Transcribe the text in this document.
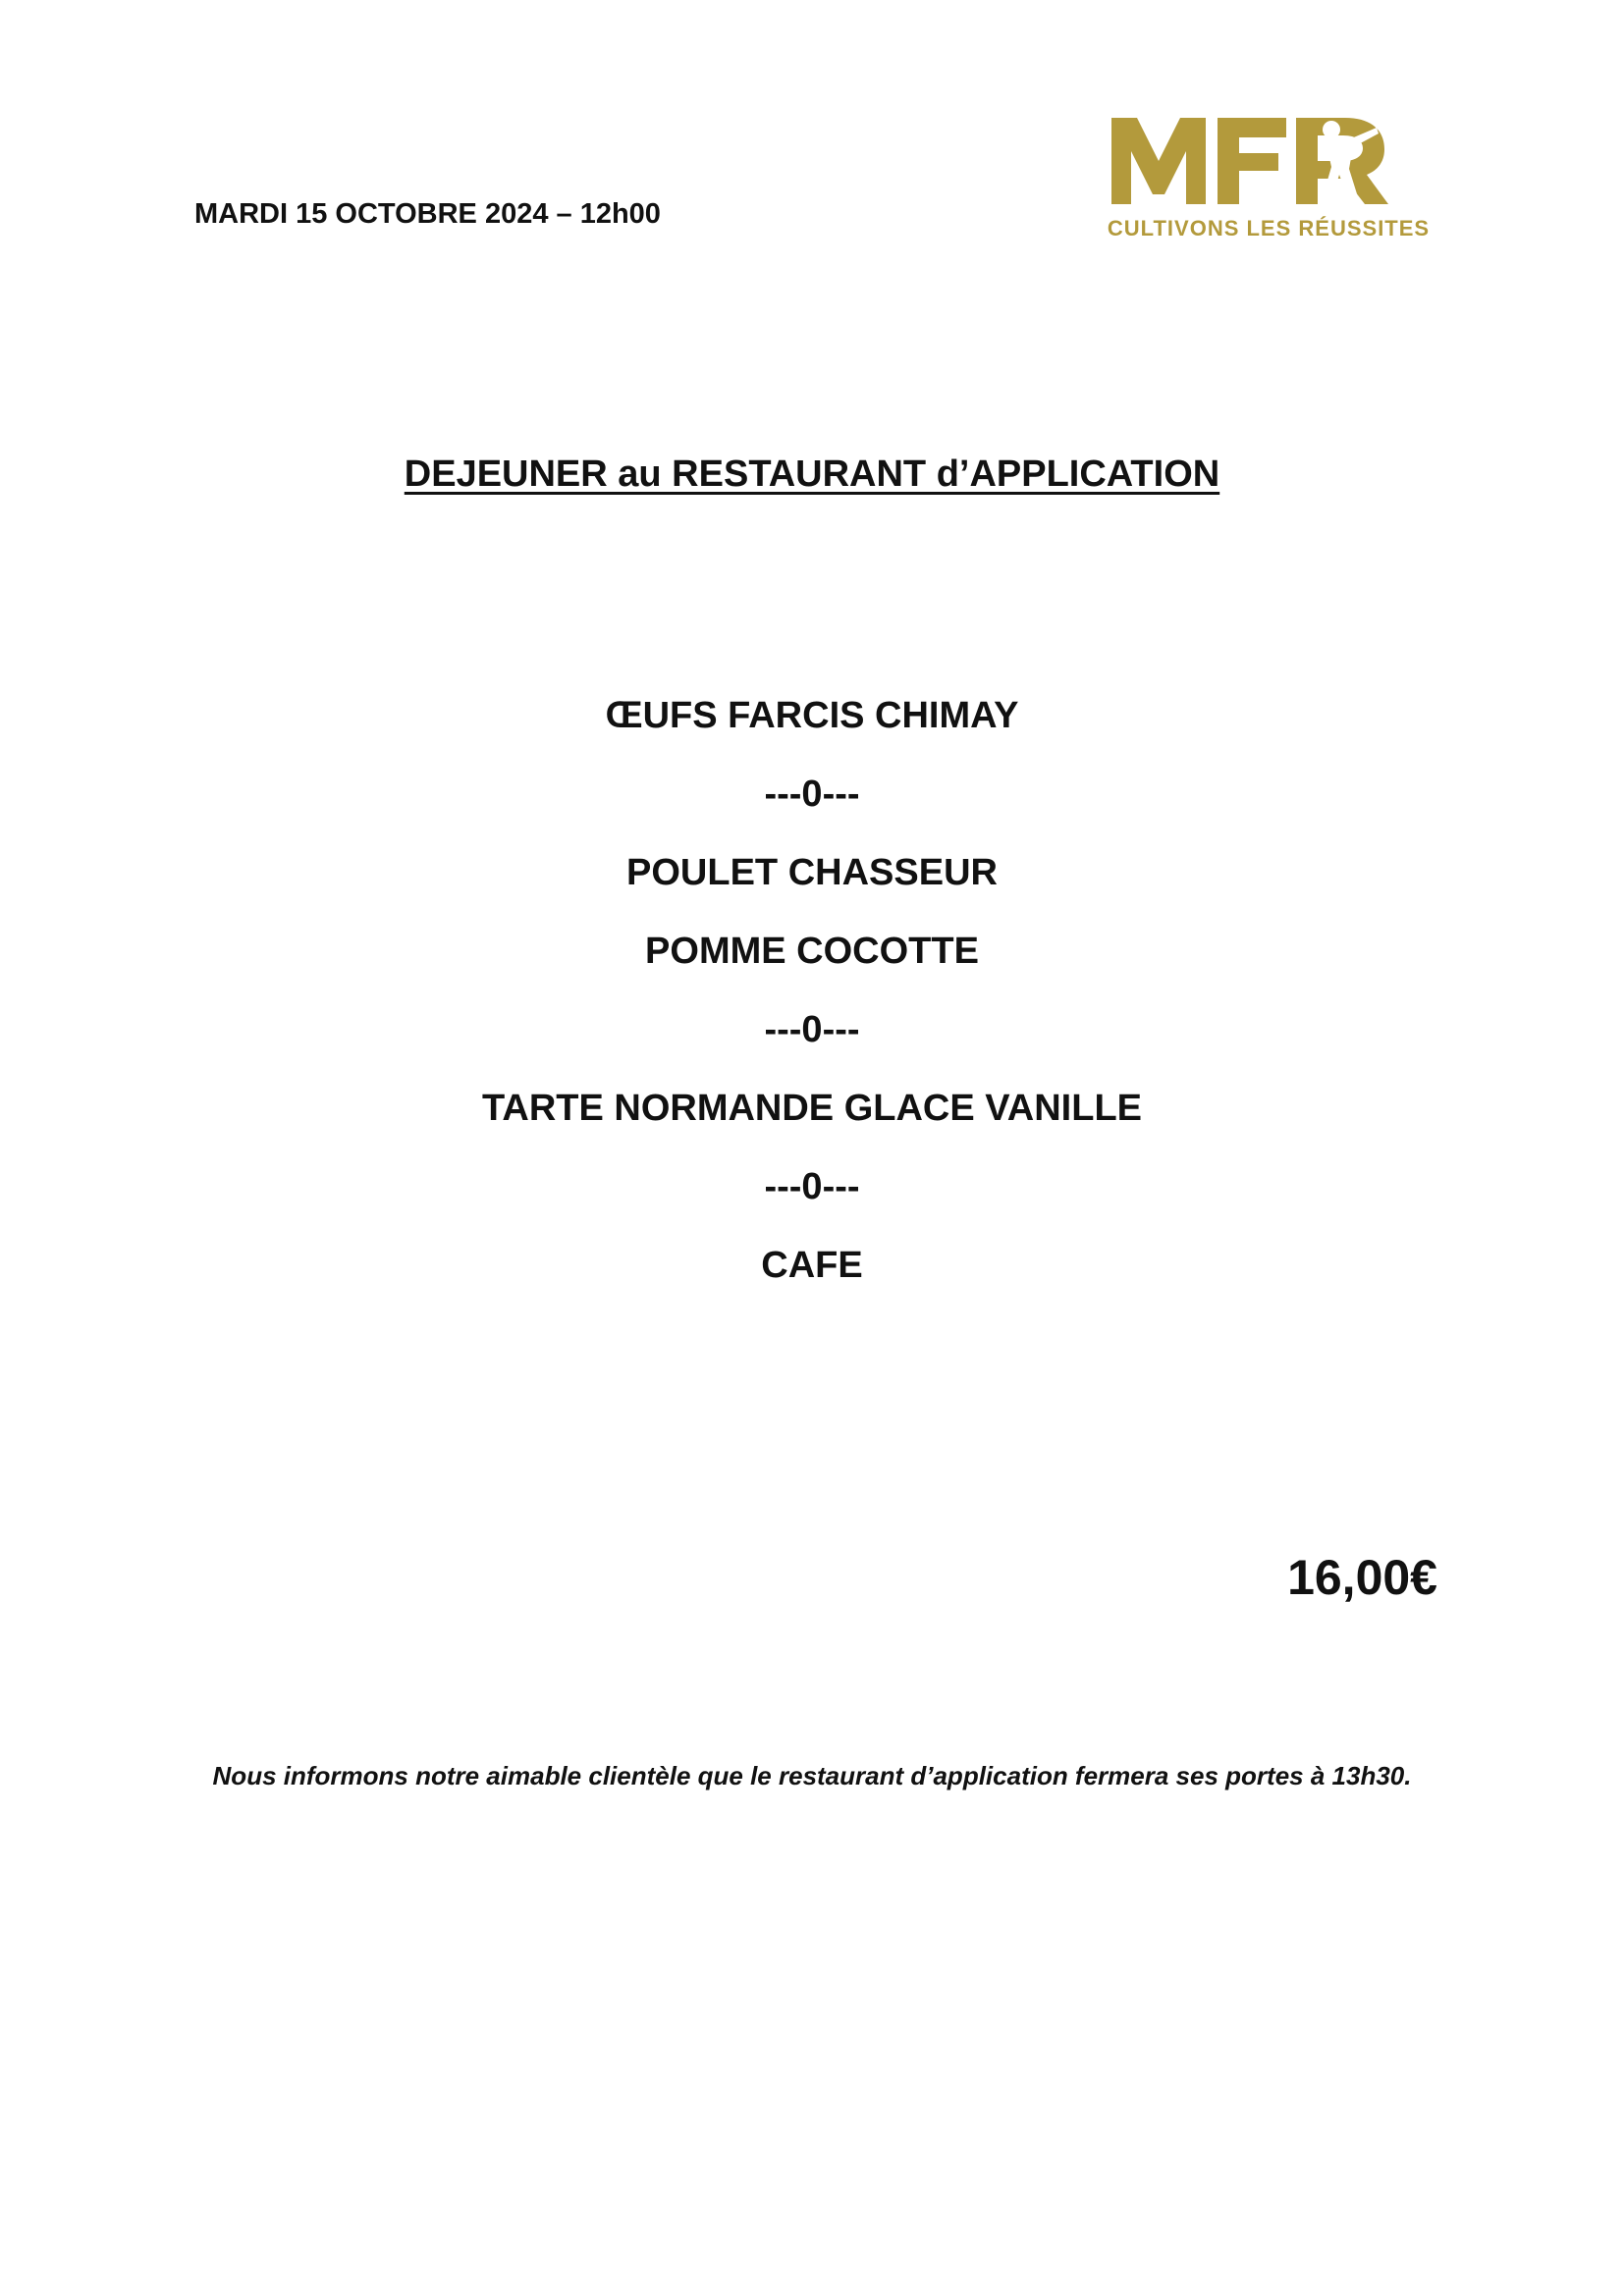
MARDI 15 OCTOBRE 2024 – 12h00	CULTIVONS LES RÉUSSITES
DEJEUNER au RESTAURANT d’APPLICATION
ŒUFS FARCIS CHIMAY
---0---
POULET CHASSEUR
POMME COCOTTE
---0---
TARTE NORMANDE GLACE VANILLE
---0---
CAFE
16,00€
Nous informons notre aimable clientèle que le restaurant d’application fermera ses portes à 13h30.
